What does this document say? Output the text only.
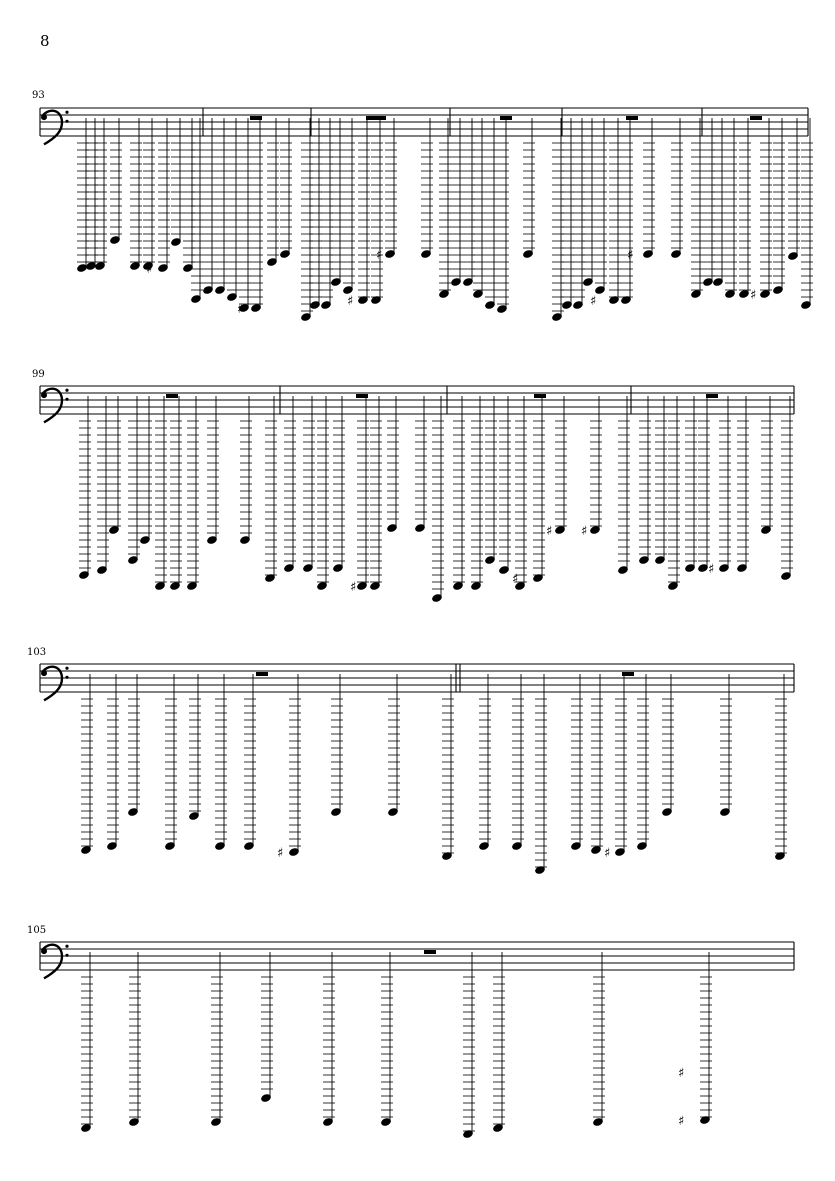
8
93
99
103
105
♯
♯
♯	♯	♯
♯	♯
♯
♯
♯
♯ ♯
♯	♯
♯
♯
